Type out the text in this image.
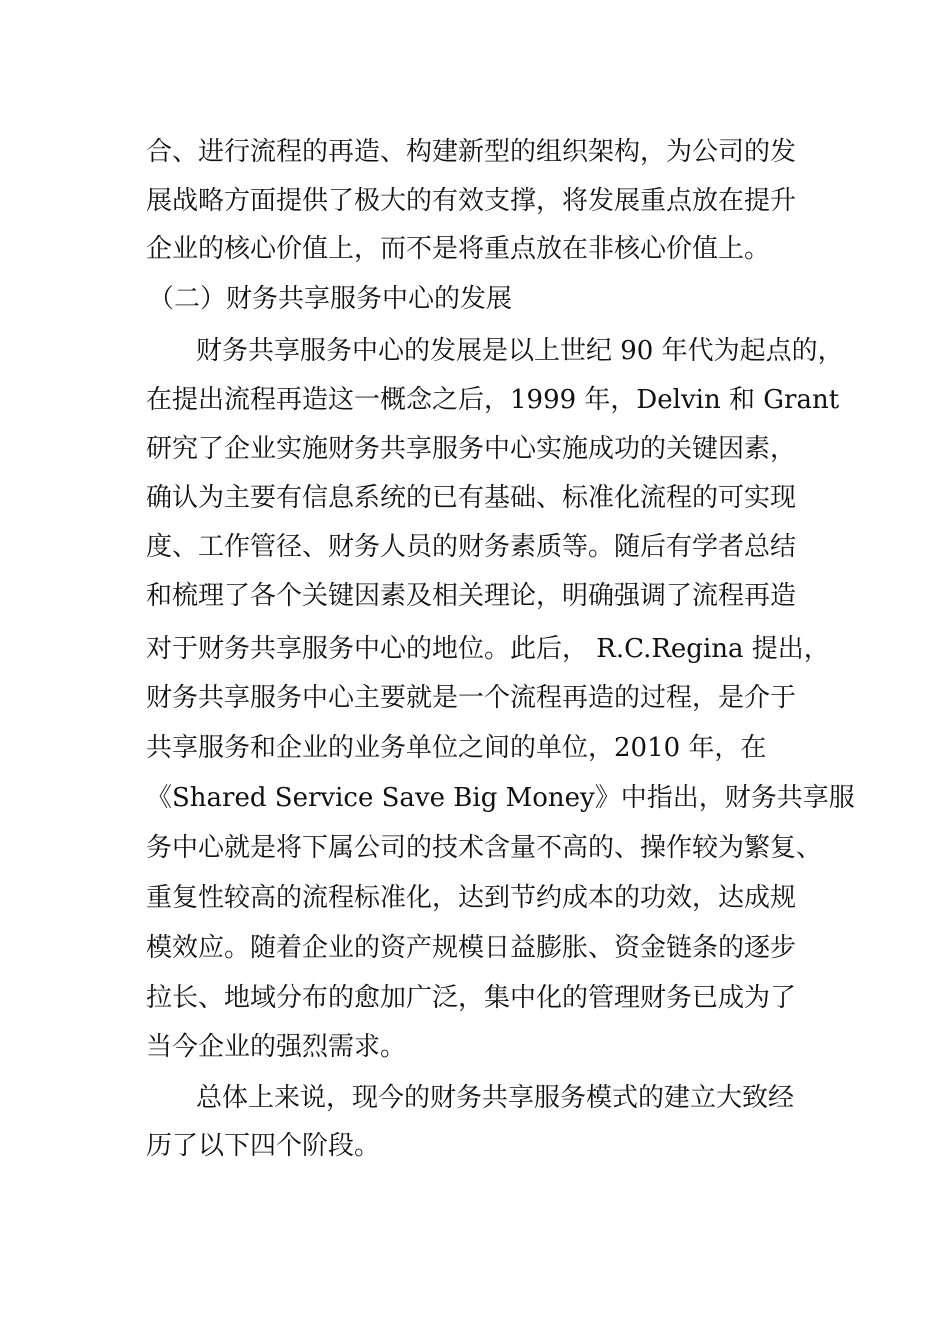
合、进行流程的再造、构建新型的组织架构，为公司的发
展战略方面提供了极大的有效支撑，将发展重点放在提升
企业的核心价值上，而不是将重点放在非核心价值上。
（二）财务共享服务中心的发展
财务共享服务中心的发展是以上世纪 90 年代为起点的，
在提出流程再造这一概念之后，1999 年，Delvin 和 Grant
研究了企业实施财务共享服务中心实施成功的关键因素，
确认为主要有信息系统的已有基础、标准化流程的可实现
度、工作管径、财务人员的财务素质等。随后有学者总结
和梳理了各个关键因素及相关理论，明确强调了流程再造
对于财务共享服务中心的地位。此后， R.C.Regina 提出，
财务共享服务中心主要就是一个流程再造的过程，是介于
共享服务和企业的业务单位之间的单位，2010 年，在
《Shared Service Save Big Money》中指出，财务共享服
务中心就是将下属公司的技术含量不高的、操作较为繁复、
重复性较高的流程标准化，达到节约成本的功效，达成规
模效应。随着企业的资产规模日益膨胀、资金链条的逐步
拉长、地域分布的愈加广泛，集中化的管理财务已成为了
当今企业的强烈需求。
总体上来说，现今的财务共享服务模式的建立大致经
历了以下四个阶段。
